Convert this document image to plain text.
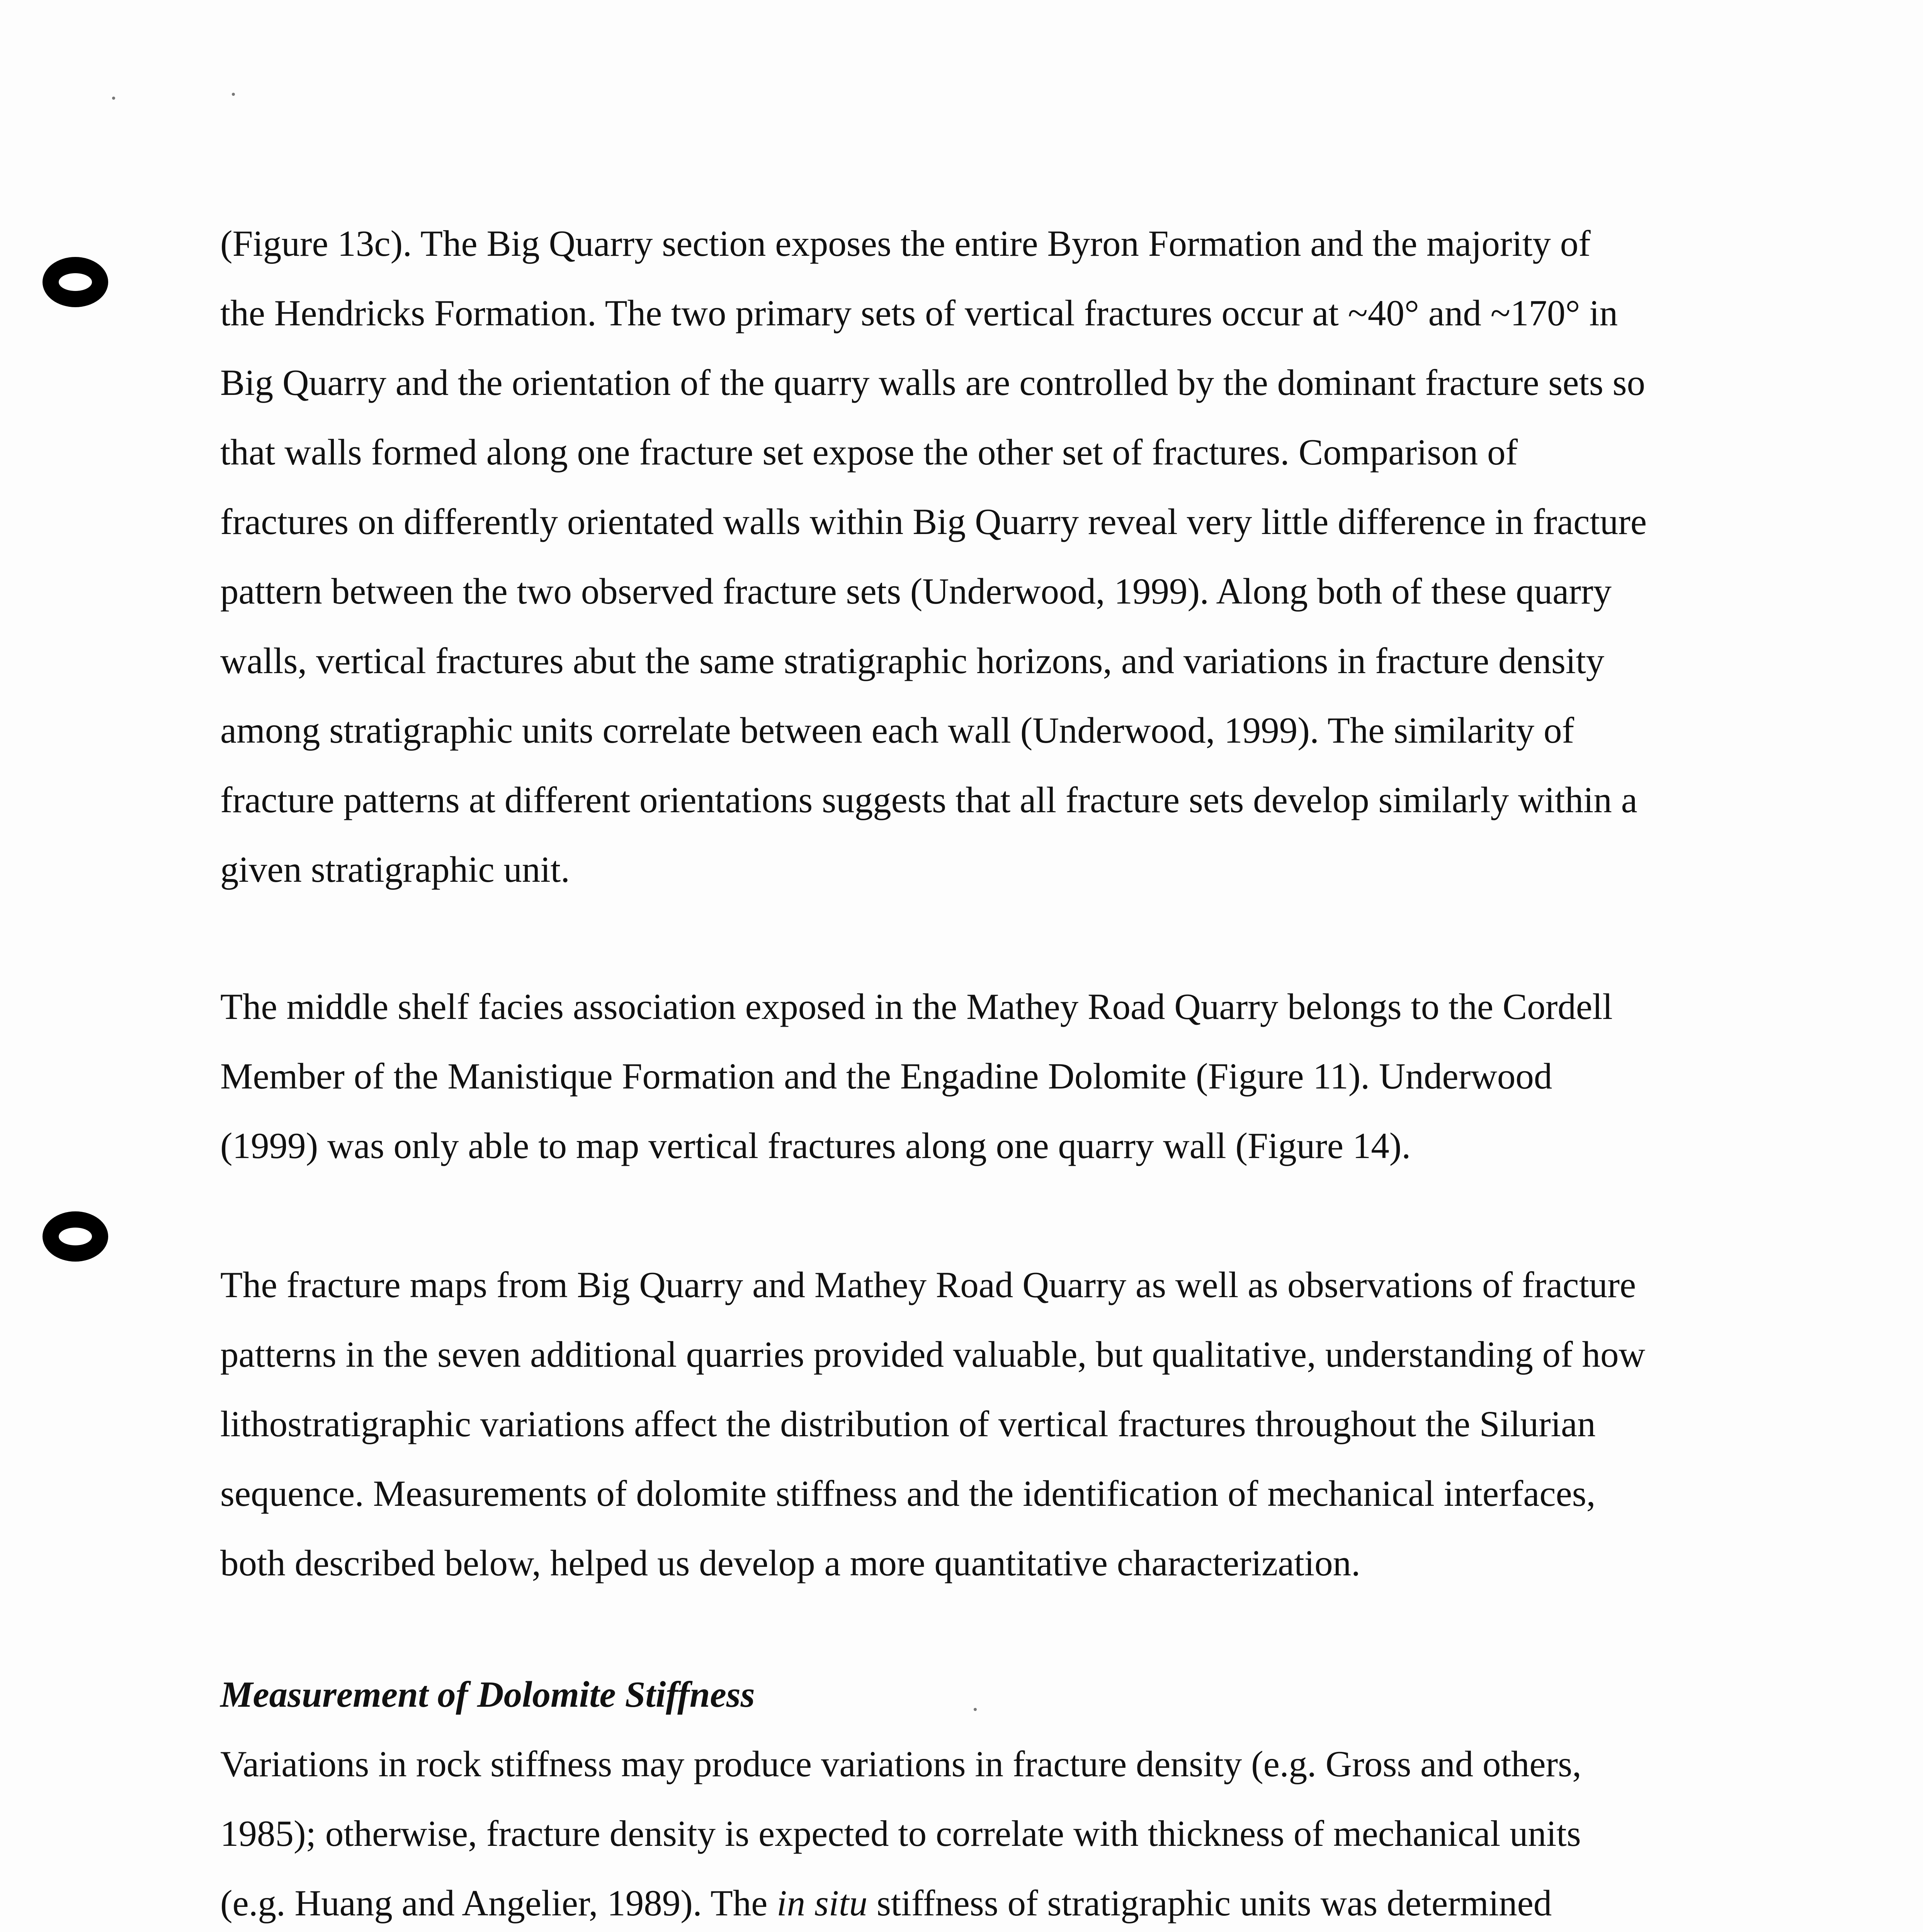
(Figure 13c). The Big Quarry section exposes the entire Byron Formation and the majority of
the Hendricks Formation. The two primary sets of vertical fractures occur at ~40° and ~170° in
Big Quarry and the orientation of the quarry walls are controlled by the dominant fracture sets so
that walls formed along one fracture set expose the other set of fractures. Comparison of
fractures on differently orientated walls within Big Quarry reveal very little difference in fracture
pattern between the two observed fracture sets (Underwood, 1999). Along both of these quarry
walls, vertical fractures abut the same stratigraphic horizons, and variations in fracture density
among stratigraphic units correlate between each wall (Underwood, 1999). The similarity of
fracture patterns at different orientations suggests that all fracture sets develop similarly within a
given stratigraphic unit.
The middle shelf facies association exposed in the Mathey Road Quarry belongs to the Cordell
Member of the Manistique Formation and the Engadine Dolomite (Figure 11). Underwood
(1999) was only able to map vertical fractures along one quarry wall (Figure 14).
The fracture maps from Big Quarry and Mathey Road Quarry as well as observations of fracture
patterns in the seven additional quarries provided valuable, but qualitative, understanding of how
lithostratigraphic variations affect the distribution of vertical fractures throughout the Silurian
sequence. Measurements of dolomite stiffness and the identification of mechanical interfaces,
both described below, helped us develop a more quantitative characterization.
Measurement of Dolomite Stiffness
Variations in rock stiffness may produce variations in fracture density (e.g. Gross and others,
1985); otherwise, fracture density is expected to correlate with thickness of mechanical units
(e.g. Huang and Angelier, 1989). The in situ stiffness of stratigraphic units was determined
